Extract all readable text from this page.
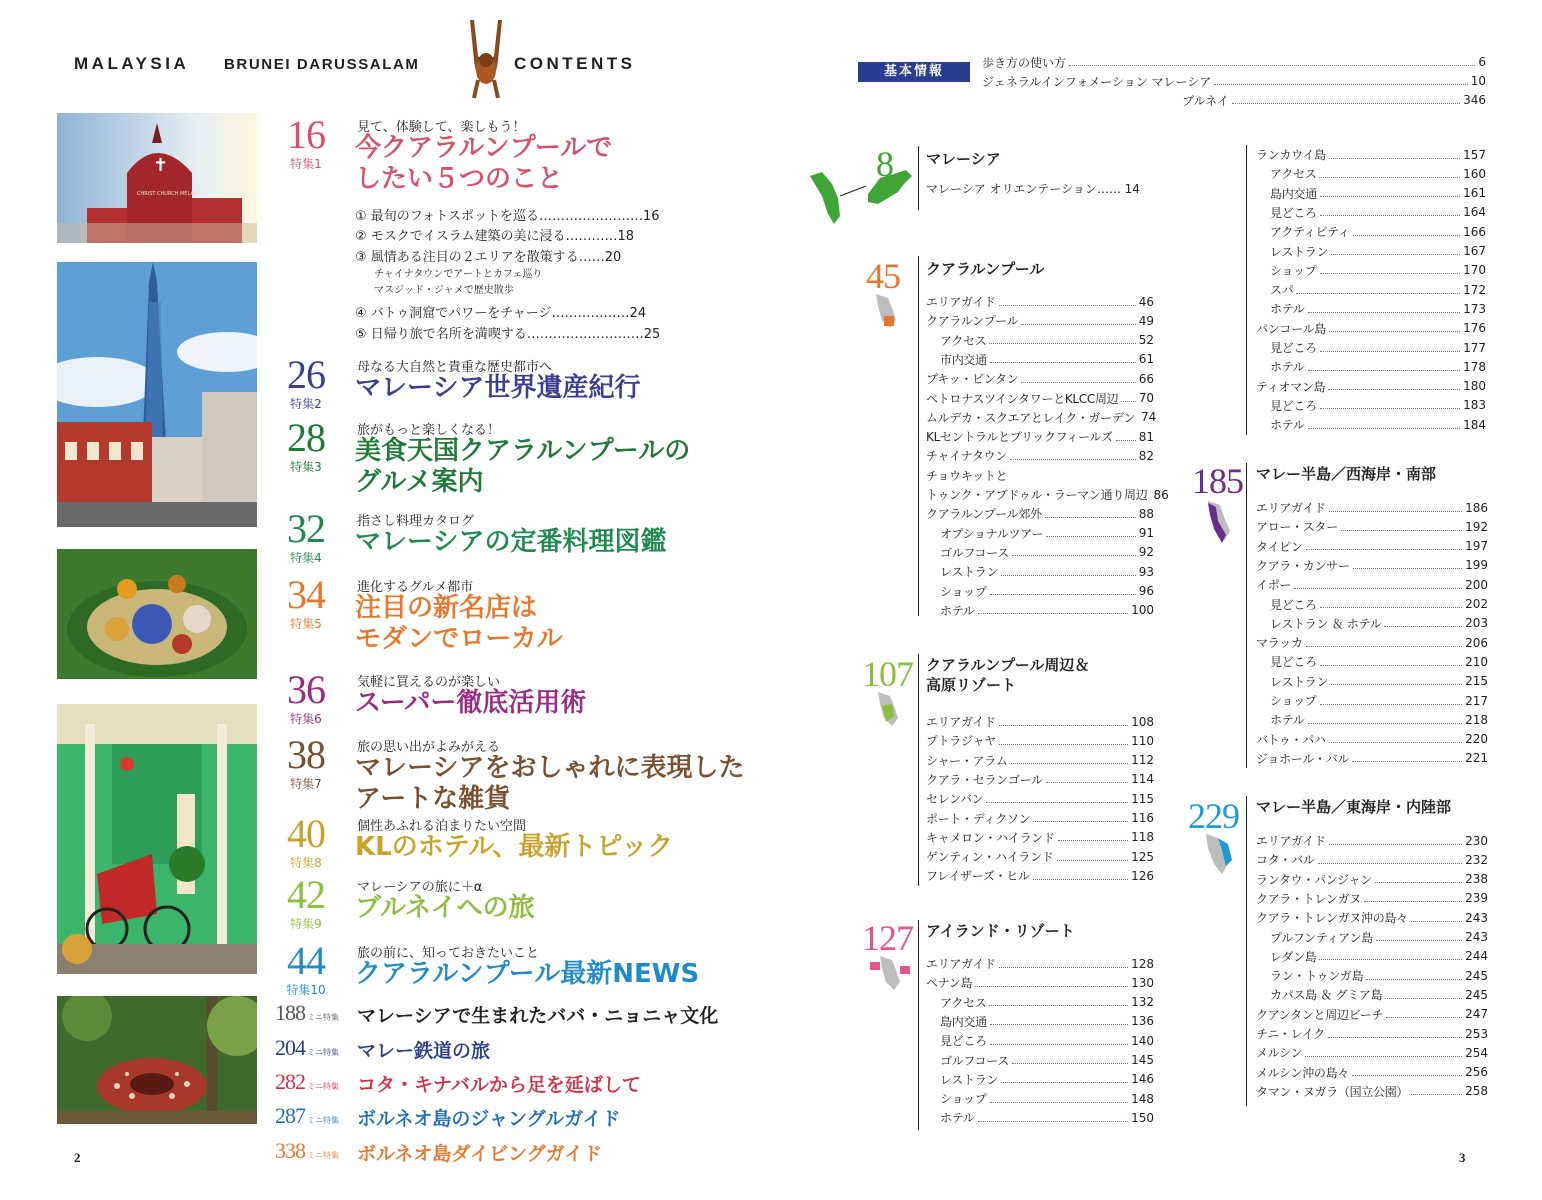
MALAYSIA BRUNEI DARUSSALAM	CONTENTS
✝
CHRIST CHURCH MELAKA
16
特集1
見て、体験して、楽しもう！
今クアラルンプールで
したい５つのこと
26
特集2
母なる大自然と貴重な歴史都市へ
マレーシア世界遺産紀行
28
特集3
旅がもっと楽しくなる！
美食天国クアラルンプールの
グルメ案内
32
特集4
指さし料理カタログ
マレーシアの定番料理図鑑
34
特集5
進化するグルメ都市
注目の新名店は
モダンでローカル
36
特集6
気軽に買えるのが楽しい
スーパー徹底活用術
38
特集7
旅の思い出がよみがえる
マレーシアをおしゃれに表現した
アートな雑貨
40
特集8
個性あふれる泊まりたい空間
KLのホテル、最新トピック
42
特集9
マレーシアの旅に＋α
ブルネイへの旅
44
特集10
旅の前に、知っておきたいこと
クアラルンプール最新NEWS
① 最旬のフォトスポットを巡る……………………16
② モスクでイスラム建築の美に浸る…………18
③ 風情ある注目の２エリアを散策する……20
チャイナタウンでアートとカフェ巡り
マスジッド・ジャメで歴史散歩
④ バトゥ洞窟でパワーをチャージ………………24
⑤ 日帰り旅で名所を満喫する………………………25
188 ミニ特集 マレーシアで生まれたババ・ニョニャ文化
204 ミニ特集 マレー鉄道の旅
282 ミニ特集 コタ・キナバルから足を延ばして
287 ミニ特集 ボルネオ島のジャングルガイド
338 ミニ特集 ボルネオ島ダイビングガイド
2	3
基本情報
歩き方の使い方	6
ジェネラルインフォメーション マレーシア	10
ブルネイ	346
8 マレーシア
マレーシア オリエンテーション…… 14
45 クアラルンプール
エリアガイド	46
クアラルンプール	49
アクセス	52
市内交通	61
ブキッ・ビンタン	66
ペトロナスツインタワーとKLCC周辺 70
ムルデカ・スクエアとレイク・ガーデン 74
KLセントラルとブリックフィールズ 81
チャイナタウン	82
チョウキットと
トゥンク・アブドゥル・ラーマン通り周辺 86
クアラルンプール郊外	88
オプショナルツアー	91
ゴルフコース	92
レストラン	93
ショップ	96
ホテル	100
107 クアラルンプール周辺＆
高原リゾート
エリアガイド	108
プトラジャヤ	110
シャー・アラム	112
クアラ・セランゴール	114
セレンバン	115
ポート・ディクソン	116
キャメロン・ハイランド	118
ゲンティン・ハイランド	125
フレイザーズ・ヒル	126
127 アイランド・リゾート
エリアガイド	128
ペナン島	130
アクセス	132
島内交通	136
見どころ	140
ゴルフコース	145
レストラン	146
ショップ	148
ホテル	150
ランカウイ島	157
アクセス	160
島内交通	161
見どころ	164
アクティビティ	166
レストラン	167
ショップ	170
スパ	172
ホテル	173
パンコール島	176
見どころ	177
ホテル	178
ティオマン島	180
見どころ	183
ホテル	184
185 マレー半島／西海岸・南部
エリアガイド	186
アロー・スター	192
タイピン	197
クアラ・カンサー	199
イポー	200
見どころ	202
レストラン ＆ ホテル	203
マラッカ	206
見どころ	210
レストラン	215
ショップ	217
ホテル	218
バトゥ・パハ	220
ジョホール・バル	221
229 マレー半島／東海岸・内陸部
エリアガイド	230
コタ・バル	232
ランタウ・パンジャン	238
クアラ・トレンガヌ	239
クアラ・トレンガヌ沖の島々	243
プルフンティアン島	243
レダン島	244
ラン・トゥンガ島	245
カパス島 ＆ グミア島	245
クアンタンと周辺ビーチ	247
チニ・レイク	253
メルシン	254
メルシン沖の島々	256
タマン・ヌガラ（国立公園）	258
